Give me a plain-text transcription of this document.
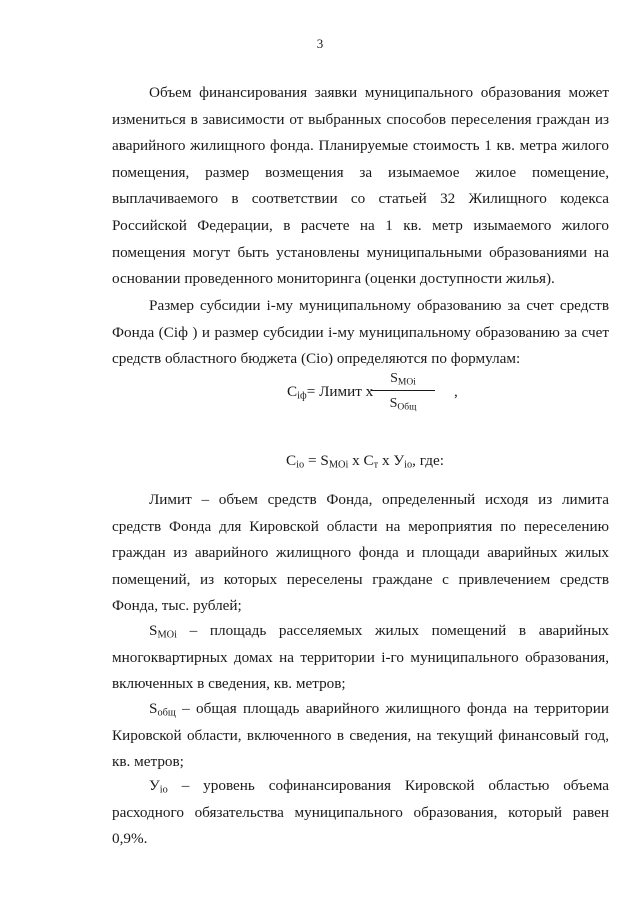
3

Объем финансирования заявки муниципального образования может измениться в зависимости от выбранных способов переселения граждан из аварийного жилищного фонда. Планируемые стоимость 1 кв. метра жилого помещения, размер возмещения за изымаемое жилое помещение, выплачиваемого в соответствии со статьей 32 Жилищного кодекса Российской Федерации, в расчете на 1 кв. метр изымаемого жилого помещения могут быть установлены муниципальными образованиями на основании проведенного мониторинга (оценки доступности жилья).

Размер субсидии i-му муниципальному образованию за счет средств Фонда (Ciф ) и размер субсидии i-му муниципальному образованию за счет средств областного бюджета (Cio) определяются по формулам:

$C_{iф}=$ Лимит х
$S_{MOi}$
$S_{Общ}$
,
$C_{io} = S_{MOi}$ x $C_т$ x $У_{io}$, где:

Лимит – объем средств Фонда, определенный исходя из лимита средств Фонда для Кировской области на мероприятия по переселению граждан из аварийного жилищного фонда и площади аварийных жилых помещений, из которых переселены граждане с привлечением средств Фонда, тыс. рублей;

$S_{MOi}$ – площадь расселяемых жилых помещений в аварийных многоквартирных домах на территории i-го муниципального образования, включенных в сведения, кв. метров;

$S_{общ}$ – общая площадь аварийного жилищного фонда на территории Кировской области, включенного в сведения, на текущий финансовый год, кв. метров;

$У_{io}$ – уровень софинансирования Кировской областью объема расходного обязательства муниципального образования, который равен 0,9%.
